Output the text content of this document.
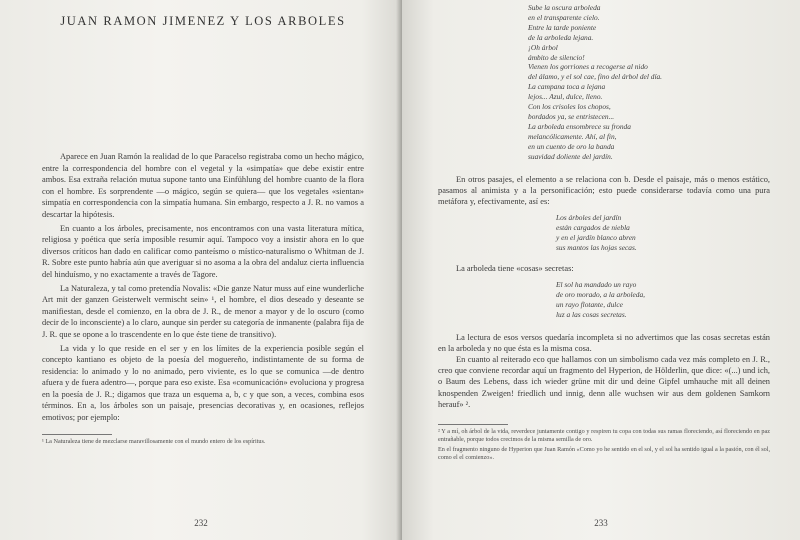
JUAN RAMON JIMENEZ Y LOS ARBOLES

Aparece en Juan Ramón la realidad de lo que Paracelso registraba como un hecho mágico, entre la correspondencia del hombre con el vegetal y la «simpatía» que debe existir entre ambos. Esa extraña relación mutua supone tanto una Einfühlung del hombre cuanto de la flora con el hombre. Es sorprendente —o mágico, según se quiera— que los vegetales «sientan» simpatía en correspondencia con la simpatía humana. Sin embargo, respecto a J. R. no vamos a descartar la hipótesis.

En cuanto a los árboles, precisamente, nos encontramos con una vasta literatura mítica, religiosa y poética que sería imposible resumir aquí. Tampoco voy a insistir ahora en lo que diversos críticos han dado en calificar como panteísmo o místico-naturalismo o Whitman de J. R. Sobre este punto habría aún que averiguar si no asoma a la obra del andaluz cierta influencia del hinduísmo, y no exactamente a través de Tagore.

La Naturaleza, y tal como pretendía Novalis: «Die ganze Natur muss auf eine wunderliche Art mit der ganzen Geisterwelt vermischt sein» ¹, el hombre, el dios deseado y deseante se manifiestan, desde el comienzo, en la obra de J. R., de menor a mayor y de lo oscuro (como decir de lo inconsciente) a lo claro, aunque sin perder su categoría de inmanente (palabra fija de J. R. que se opone a lo trascendente en lo que éste tiene de transitivo).

La vida y lo que reside en el ser y en los límites de la experiencia posible según el concepto kantiano es objeto de la poesía del moguereño, indistintamente de su forma de residencia: lo animado y lo no animado, pero viviente, es lo que se comunica —de dentro afuera y de fuera adentro—, porque para eso existe. Esa «comunicación» evoluciona y progresa en la poesía de J. R.; digamos que traza un esquema a, b, c y que son, a veces, combina esos términos. En a, los árboles son un paisaje, presencias decorativas y, en ocasiones, reflejos emotivos; por ejemplo:

¹ La Naturaleza tiene de mezclarse maravillosamente con el mundo entero de los espíritus.

232
Sube la oscura arboleda
en el transparente cielo.
Entre la tarde poniente
de la arboleda lejana.
¡Oh árbol
ámbito de silencio!
Vienen los gorriones a recogerse al nido
del álamo, y el sol cae, fino del árbol del día.
La campana toca a lejana
lejos... Azul, dulce, lleno.
Con los crisoles los chopos,
bordados ya, se entristecen...
La arboleda ensombrece su fronda
melancólicamente. Ahí, al fin,
en un cuento de oro la banda
suavidad doliente del jardín.

En otros pasajes, el elemento a se relaciona con b. Desde el paisaje, más o menos estático, pasamos al animista y a la personificación; esto puede considerarse todavía como una pura metáfora y, efectivamente, así es:

Los árboles del jardín
están cargados de niebla
y en el jardín blanco abren
sus mantos las hojas secas.

La arboleda tiene «cosas» secretas:

El sol ha mandado un rayo
de oro morado, a la arboleda,
un rayo flotante, dulce
luz a las cosas secretas.

La lectura de esos versos quedaría incompleta si no advertimos que las cosas secretas están en la arboleda y no que ésta es la misma cosa.

En cuanto al reiterado eco que hallamos con un simbolismo cada vez más completo en J. R., creo que conviene recordar aquí un fragmento del Hyperion, de Hölderlin, que dice: «(...) und ich, o Baum des Lebens, dass ich wieder grüne mit dir und deine Gipfel umhauche mit all deinen knospenden Zweigen! friedlich und innig, denn alle wuchsen wir aus dem goldenen Samkorn herauf» ².

² Y a mí, oh árbol de la vida, reverdece juntamente contigo y respiren tu copa con todas sus ramas floreciendo, así floreciendo en paz entrañable, porque todos crecimos de la misma semilla de oro.

En el fragmento ninguno de Hyperion que Juan Ramón «Como yo he sentido en el sol, y el sol ha sentido igual a la pasión, con él sol, como el el comienzo».

233
